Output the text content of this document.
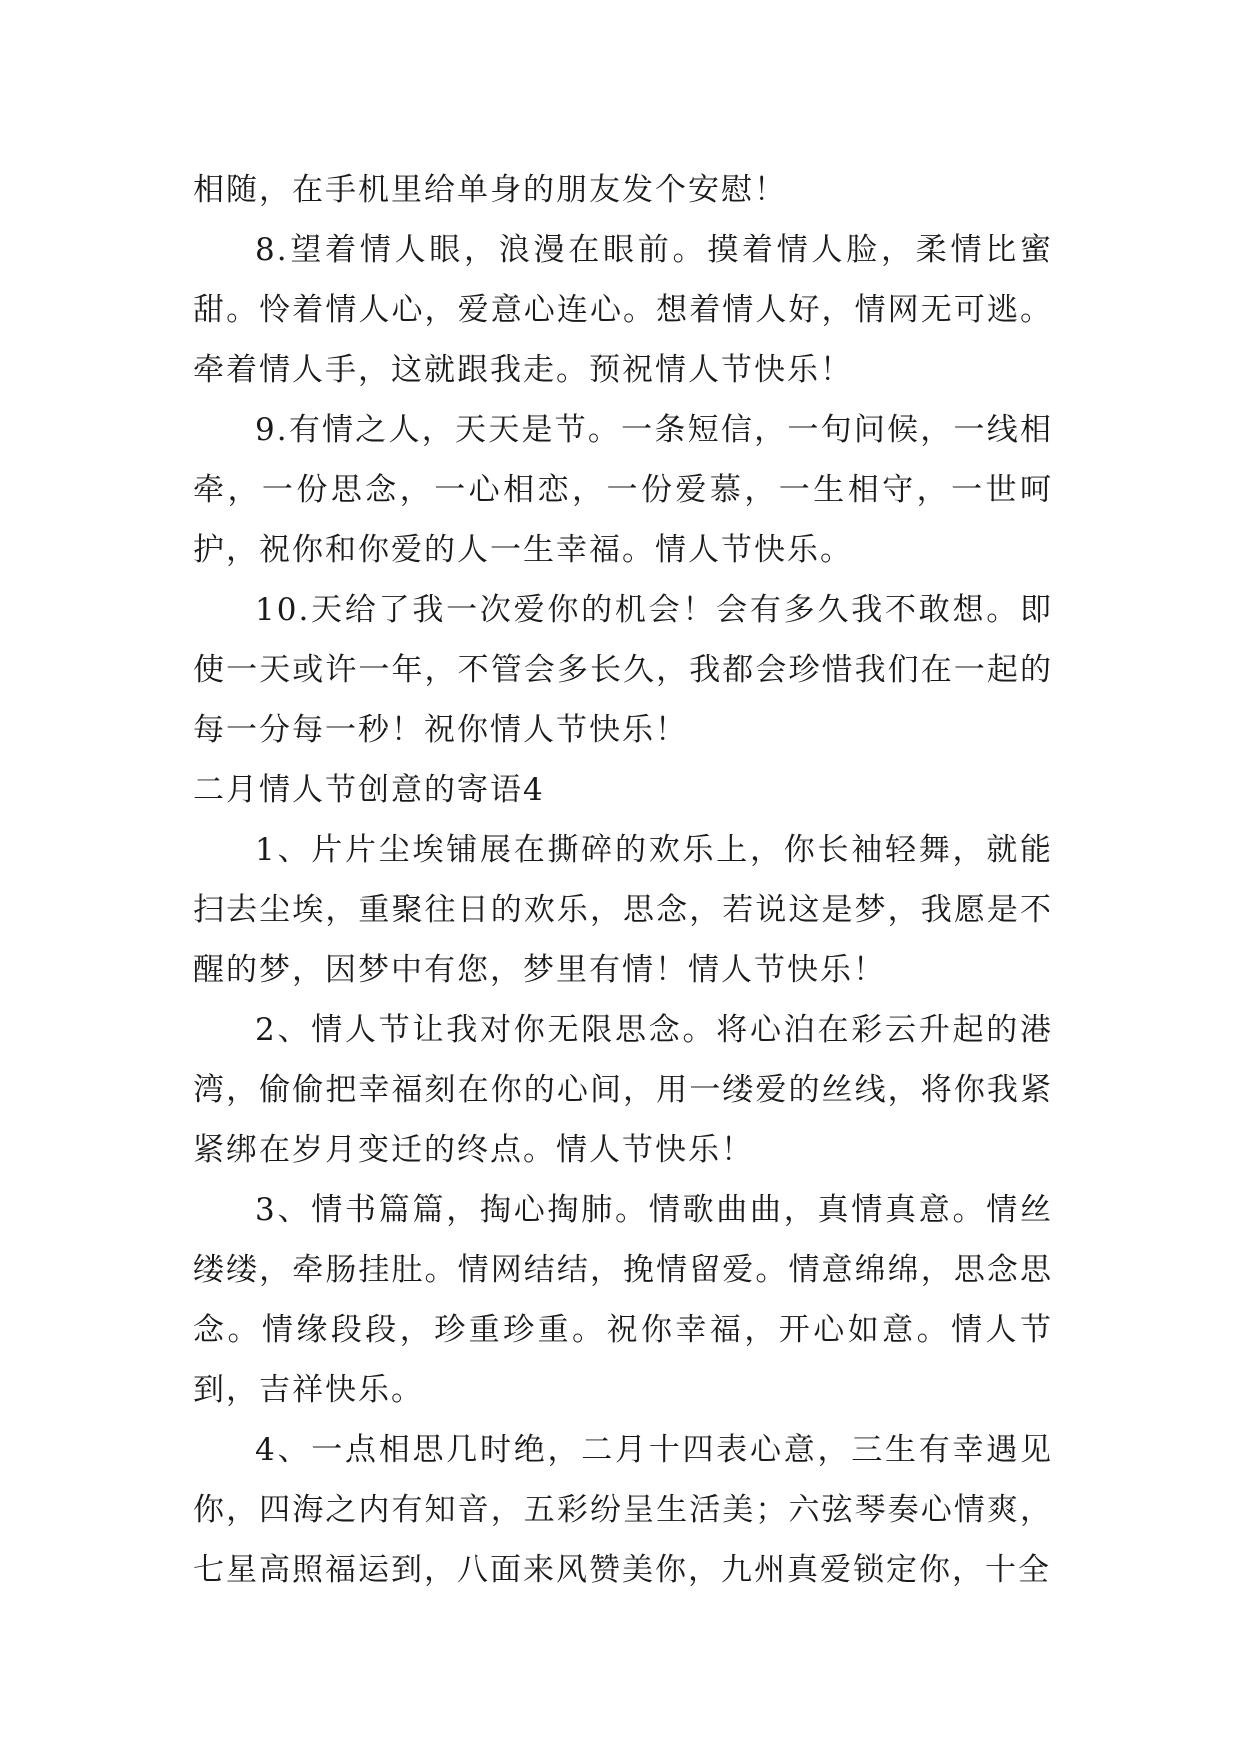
相随，在手机里给单身的朋友发个安慰！

8.望着情人眼，浪漫在眼前。摸着情人脸，柔情比蜜甜。怜着情人心，爱意心连心。想着情人好，情网无可逃。牵着情人手，这就跟我走。预祝情人节快乐！

9.有情之人，天天是节。一条短信，一句问候，一线相牵，一份思念，一心相恋，一份爱慕，一生相守，一世呵护，祝你和你爱的人一生幸福。情人节快乐。

10.天给了我一次爱你的机会！会有多久我不敢想。即使一天或许一年，不管会多长久，我都会珍惜我们在一起的每一分每一秒！祝你情人节快乐！

二月情人节创意的寄语4

1、片片尘埃铺展在撕碎的欢乐上，你长袖轻舞，就能扫去尘埃，重聚往日的欢乐，思念，若说这是梦，我愿是不醒的梦，因梦中有您，梦里有情！情人节快乐！

2、情人节让我对你无限思念。将心泊在彩云升起的港湾，偷偷把幸福刻在你的心间，用一缕爱的丝线，将你我紧紧绑在岁月变迁的终点。情人节快乐！

3、情书篇篇，掏心掏肺。情歌曲曲，真情真意。情丝缕缕，牵肠挂肚。情网结结，挽情留爱。情意绵绵，思念思念。情缘段段，珍重珍重。祝你幸福，开心如意。情人节到，吉祥快乐。

4、一点相思几时绝，二月十四表心意，三生有幸遇见你，四海之内有知音，五彩纷呈生活美；六弦琴奏心情爽，七星高照福运到，八面来风赞美你，九州真爱锁定你，十全
